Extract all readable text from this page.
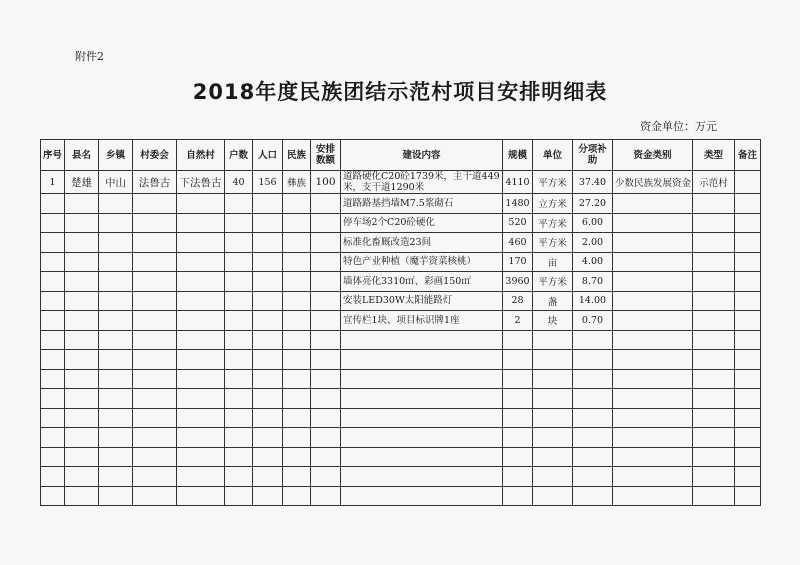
附件2
2018年度民族团结示范村项目安排明细表
资金单位：万元
序号	县名	乡镇	村委会	自然村	户数	人口	民族	安排数额	建设内容	规模	单位	分项补助	资金类别	类型	备注
1	楚雄	中山	法鲁古	下法鲁古	40	156	彝族	100	道路硬化C20砼1739米，主干道449米，支干道1290米	4110	平方米	37.40	少数民族发展资金	示范村	
									道路路基挡墙M7.5浆砌石	1480	立方米	27.20			
									停车场2个C20砼硬化	520	平方米	6.00			
									标准化畜厩改造23间	460	平方米	2.00			
									特色产业种植（魔芋资菜核桃）	170	亩	4.00			
									墙体亮化3310㎡、彩画150㎡	3960	平方米	8.70			
									安装LED30W太阳能路灯	28	盏	14.00			
									宣传栏1块、项目标识牌1座	2	块	0.70			
